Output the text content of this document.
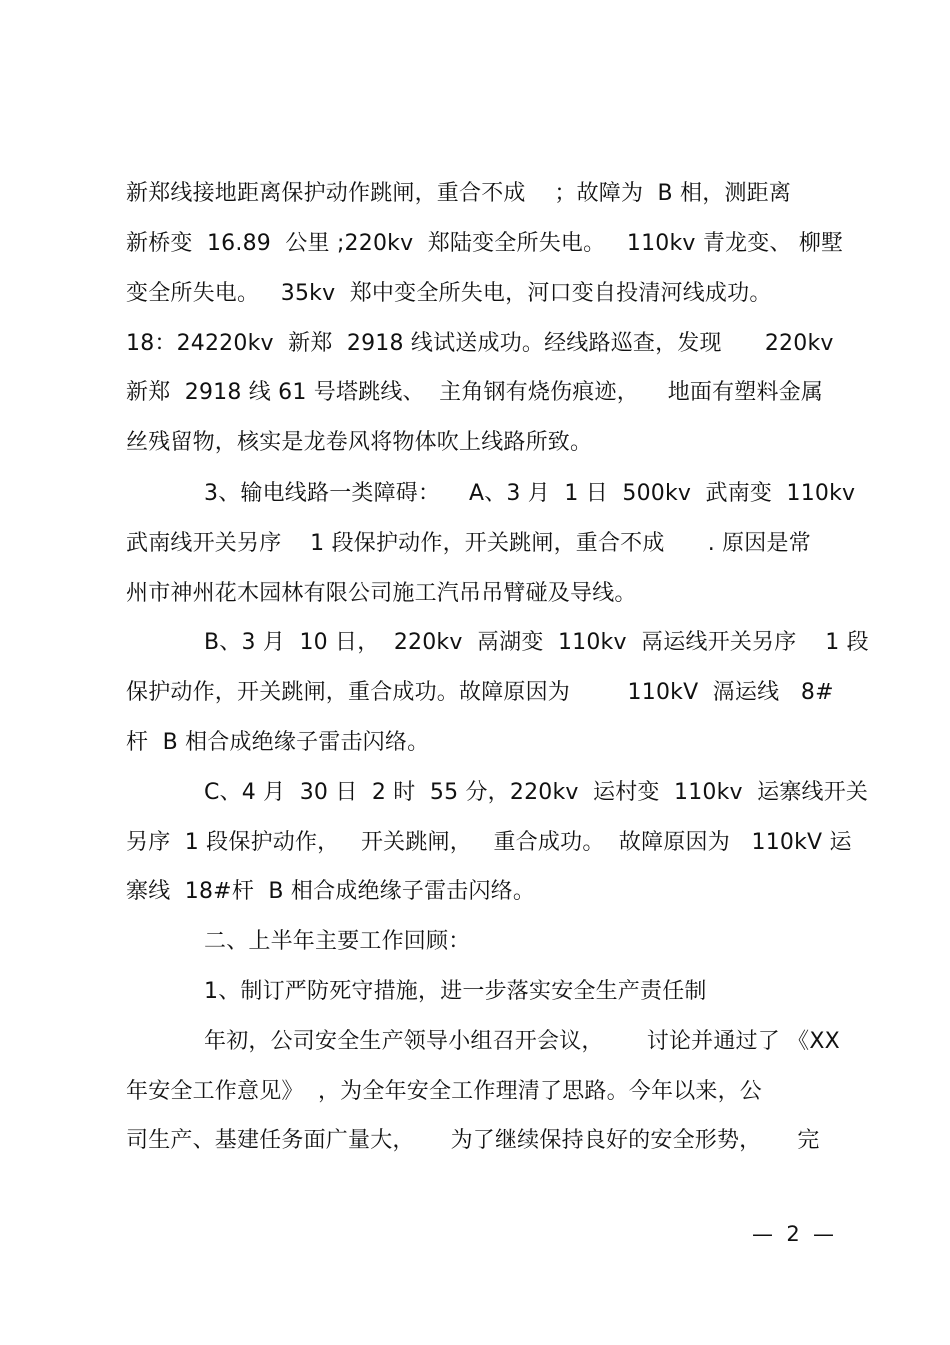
新郑线接地距离保护动作跳闸，重合不成    ；故障为  B 相，测距离
新桥变  16.89  公里 ;220kv  郑陆变全所失电。   110kv 青龙变、 柳墅
变全所失电。   35kv  郑中变全所失电，河口变自投清河线成功。
18：24220kv  新郑  2918 线试送成功。经线路巡查，发现      220kv
新郑  2918 线 61 号塔跳线、  主角钢有烧伤痕迹，    地面有塑料金属
丝残留物，核实是龙卷风将物体吹上线路所致。
3、输电线路一类障碍：    A、3 月  1 日  500kv  武南变  110kv
武南线开关另序    1 段保护动作，开关跳闸，重合不成      . 原因是常
州市神州花木园林有限公司施工汽吊吊臂碰及导线。
B、3 月  10 日，  220kv  鬲湖变  110kv  鬲运线开关另序    1 段
保护动作，开关跳闸，重合成功。故障原因为        110kV  滆运线   8#
杆  B 相合成绝缘子雷击闪络。
C、4 月  30 日  2 时  55 分，220kv  运村变  110kv  运寨线开关
另序  1 段保护动作，   开关跳闸，   重合成功。  故障原因为   110kV 运
寨线  18#杆  B 相合成绝缘子雷击闪络。
二、上半年主要工作回顾：
1、制订严防死守措施，进一步落实安全生产责任制
年初，公司安全生产领导小组召开会议，      讨论并通过了 《XX
年安全工作意见》  ，为全年安全工作理清了思路。今年以来，公
司生产、基建任务面广量大，     为了继续保持良好的安全形势，     完
—  2  —
